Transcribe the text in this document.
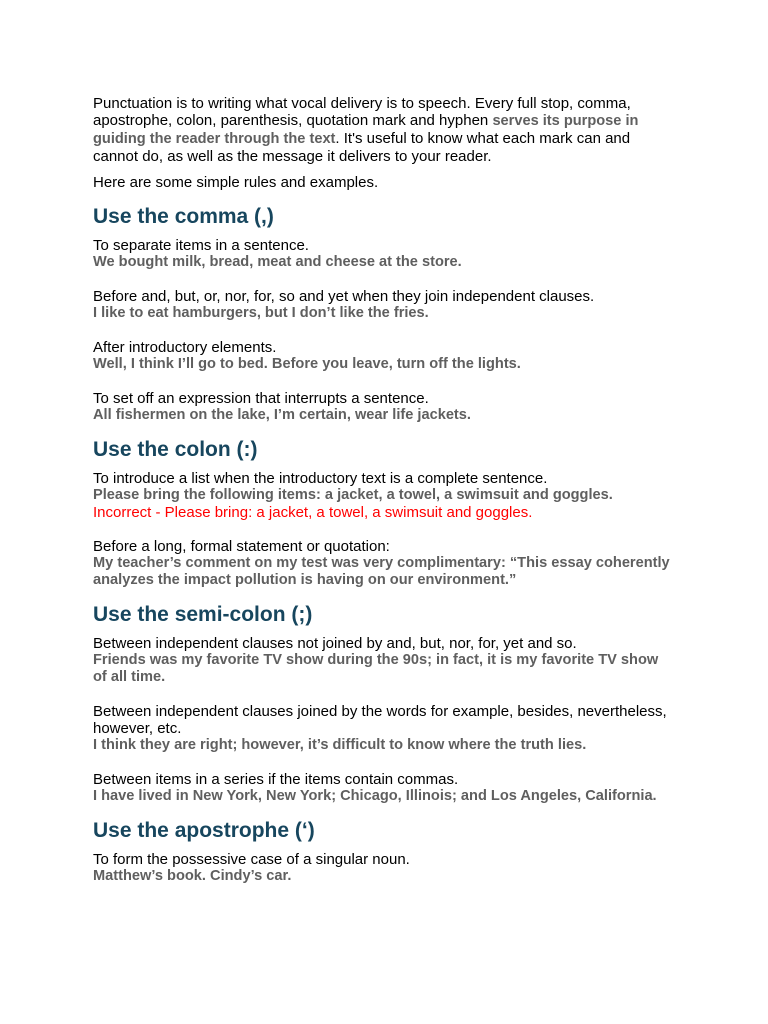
Punctuation is to writing what vocal delivery is to speech. Every full stop, comma, apostrophe, colon, parenthesis, quotation mark and hyphen serves its purpose in guiding the reader through the text. It's useful to know what each mark can and cannot do, as well as the message it delivers to your reader.

Here are some simple rules and examples.

Use the comma (,)

To separate items in a sentence.

We bought milk, bread, meat and cheese at the store.

Before and, but, or, nor, for, so and yet when they join independent clauses.

I like to eat hamburgers, but I don’t like the fries.

After introductory elements.

Well, I think I’ll go to bed. Before you leave, turn off the lights.

To set off an expression that interrupts a sentence.

All fishermen on the lake, I’m certain, wear life jackets.
Use the colon (:)

To introduce a list when the introductory text is a complete sentence.

Please bring the following items: a jacket, a towel, a swimsuit and goggles.
Incorrect - Please bring: a jacket, a towel, a swimsuit and goggles.

Before a long, formal statement or quotation:

My teacher’s comment on my test was very complimentary: “This essay coherently analyzes the impact pollution is having on our environment.”
Use the semi-colon (;)

Between independent clauses not joined by and, but, nor, for, yet and so.

Friends was my favorite TV show during the 90s; in fact, it is my favorite TV show of all time.

Between independent clauses joined by the words for example, besides, nevertheless, however, etc.

I think they are right; however, it’s difficult to know where the truth lies.

Between items in a series if the items contain commas.

I have lived in New York, New York; Chicago, Illinois; and Los Angeles, California.
Use the apostrophe (‘)

To form the possessive case of a singular noun.

Matthew’s book. Cindy’s car.
